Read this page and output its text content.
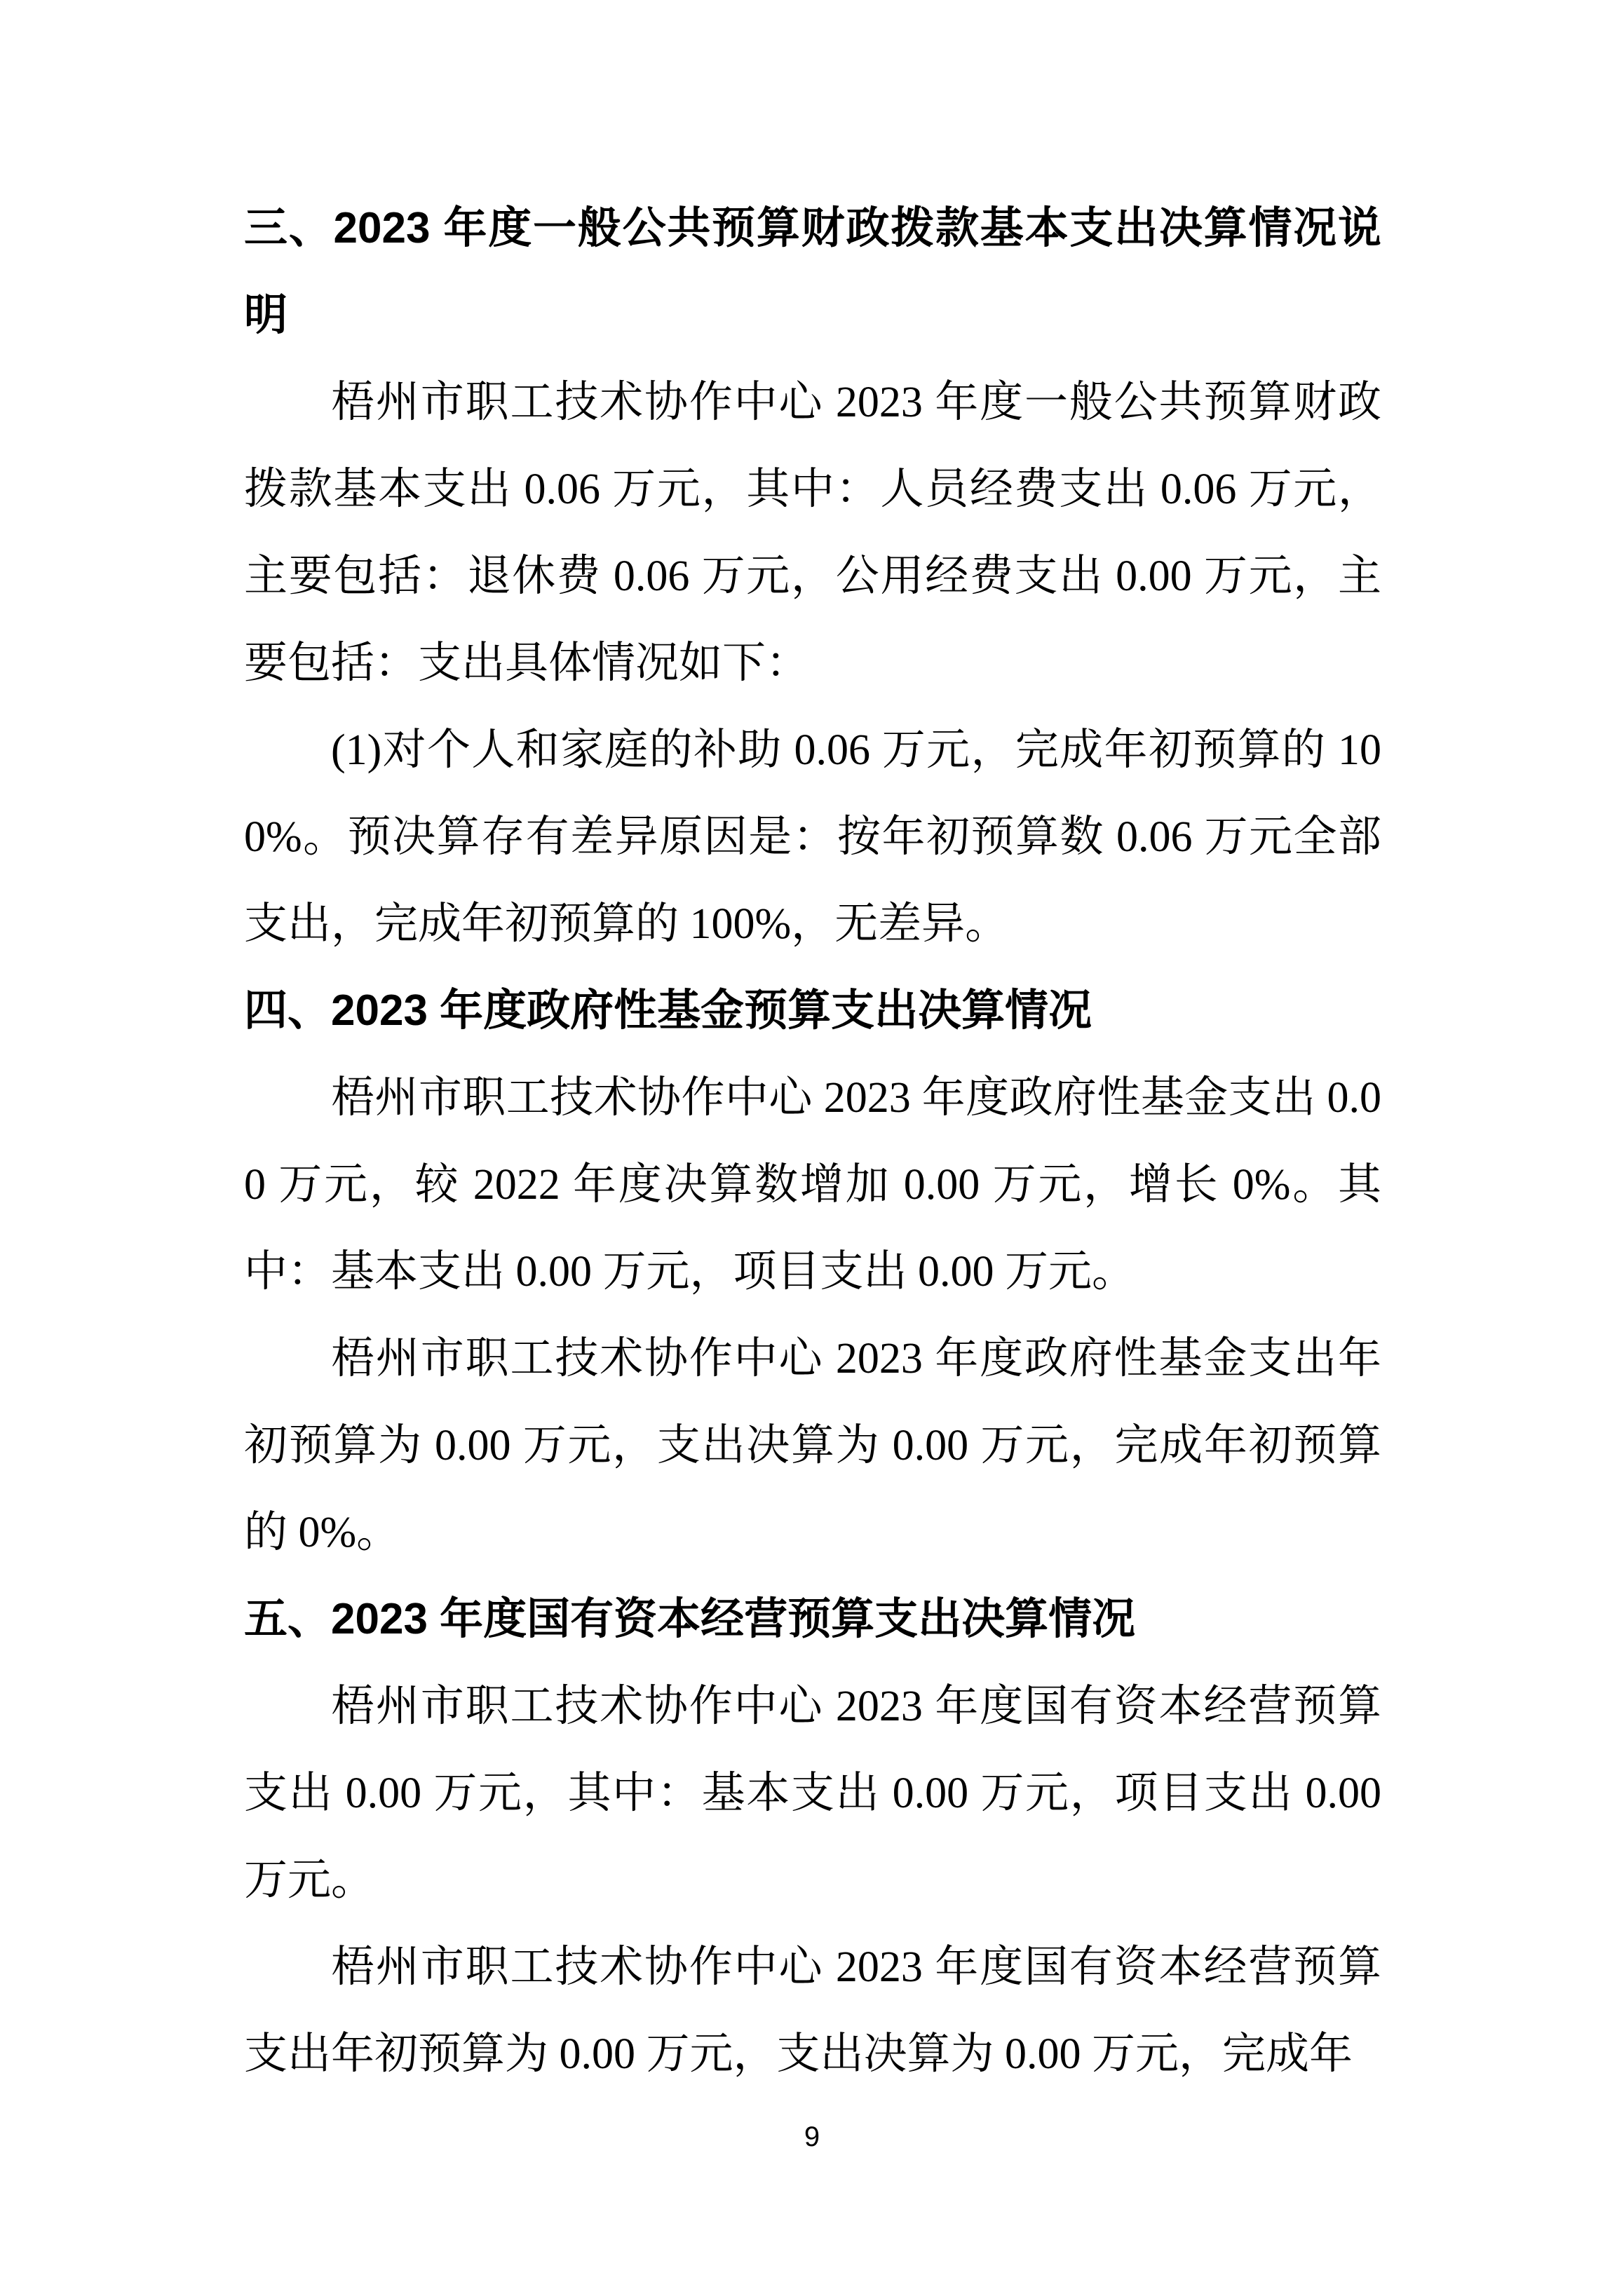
三、2023 年度一般公共预算财政拨款基本支出决算情况说明

梧州市职工技术协作中心 2023 年度一般公共预算财政拨款基本支出 0.06 万元，其中：人员经费支出 0.06 万元，主要包括：退休费 0.06 万元，公用经费支出 0.00 万元，主要包括：支出具体情况如下：

(1)对个人和家庭的补助 0.06 万元，完成年初预算的 100%。预决算存有差异原因是：按年初预算数 0.06 万元全部支出，完成年初预算的 100%，无差异。

四、2023 年度政府性基金预算支出决算情况

梧州市职工技术协作中心 2023 年度政府性基金支出 0.00 万元，较 2022 年度决算数增加 0.00 万元，增长 0%。其中：基本支出 0.00 万元，项目支出 0.00 万元。

梧州市职工技术协作中心 2023 年度政府性基金支出年初预算为 0.00 万元，支出决算为 0.00 万元，完成年初预算的 0%。

五、2023 年度国有资本经营预算支出决算情况

梧州市职工技术协作中心 2023 年度国有资本经营预算支出 0.00 万元，其中：基本支出 0.00 万元，项目支出 0.00 万元。

梧州市职工技术协作中心 2023 年度国有资本经营预算支出年初预算为 0.00 万元，支出决算为 0.00 万元，完成年

9
